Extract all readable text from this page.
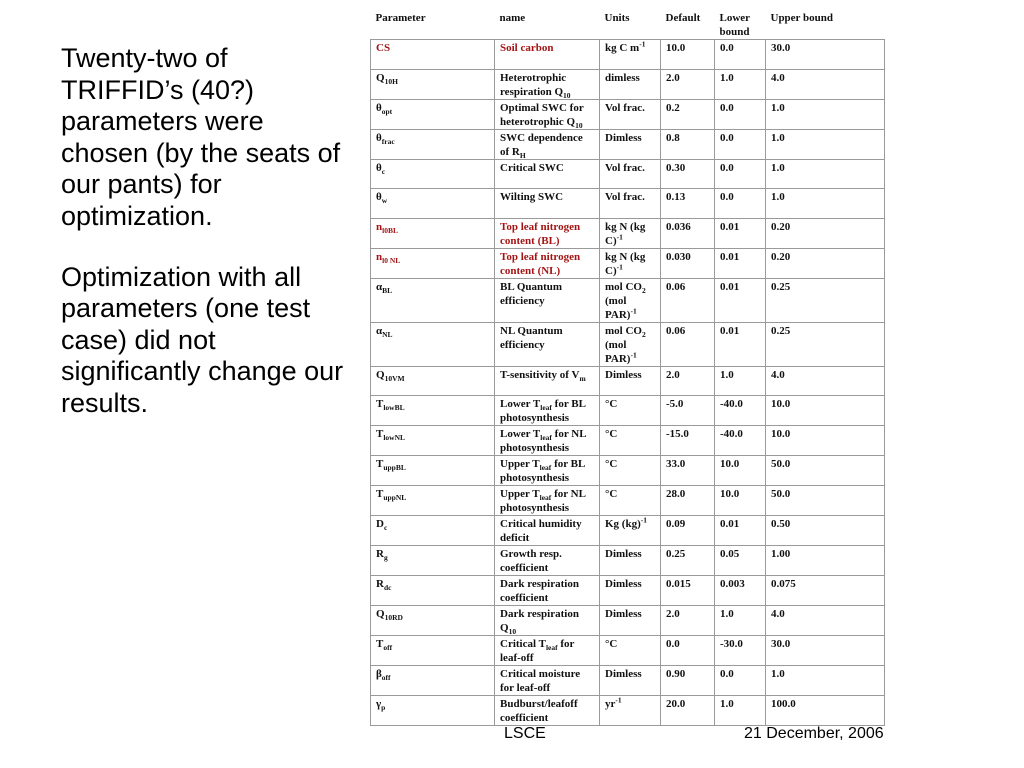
Twenty-two of TRIFFID’s (40?) parameters were chosen (by the seats of our pants) for optimization.

Optimization with all parameters (one test case) did not significantly change our results.

Parameter	name	Units	Default	Lower bound	Upper bound
CS	Soil carbon	kg C $m^{-1}$	10.0	0.0	30.0
$Q_{10H}$	Heterotrophic respiration $Q_{10}$	dimless	2.0	1.0	4.0
$\theta_{opt}$	Optimal SWC for heterotrophic $Q_{10}$	Vol frac.	0.2	0.0	1.0
$\theta_{frac}$	SWC dependence of $R_H$	Dimless	0.8	0.0	1.0
$\theta_c$	Critical SWC	Vol frac.	0.30	0.0	1.0
$\theta_w$	Wilting SWC	Vol frac.	0.13	0.0	1.0
$n_{l0BL}$	Top leaf nitrogen content (BL)	kg N (kg C)$^{-1}$	0.036	0.01	0.20
$n_{l0 NL}$	Top leaf nitrogen content (NL)	kg N (kg C)$^{-1}$	0.030	0.01	0.20
$\alpha_{BL}$	BL Quantum efficiency	mol $CO_2$ (mol PAR)$^{-1}$	0.06	0.01	0.25
$\alpha_{NL}$	NL Quantum efficiency	mol $CO_2$ (mol PAR)$^{-1}$	0.06	0.01	0.25
$Q_{10VM}$	T-sensitivity of $V_m$	Dimless	2.0	1.0	4.0
$T_{lowBL}$	Lower $T_{leaf}$ for BL photosynthesis	°C	-5.0	-40.0	10.0
$T_{lowNL}$	Lower $T_{leaf}$ for NL photosynthesis	°C	-15.0	-40.0	10.0
$T_{uppBL}$	Upper $T_{leaf}$ for BL photosynthesis	°C	33.0	10.0	50.0
$T_{uppNL}$	Upper $T_{leaf}$ for NL photosynthesis	°C	28.0	10.0	50.0
$D_c$	Critical humidity deficit	Kg (kg)$^{-1}$	0.09	0.01	0.50
$R_g$	Growth resp. coefficient	Dimless	0.25	0.05	1.00
$R_{dc}$	Dark respiration coefficient	Dimless	0.015	0.003	0.075
$Q_{10RD}$	Dark respiration $Q_{10}$	Dimless	2.0	1.0	4.0
$T_{off}$	Critical $T_{leaf}$ for leaf-off	°C	0.0	-30.0	30.0
$\beta_{off}$	Critical moisture for leaf-off	Dimless	0.90	0.0	1.0
$\gamma_p$	Budburst/leafoff coefficient	$yr^{-1}$	20.0	1.0	100.0
LSCE	21 December, 2006
